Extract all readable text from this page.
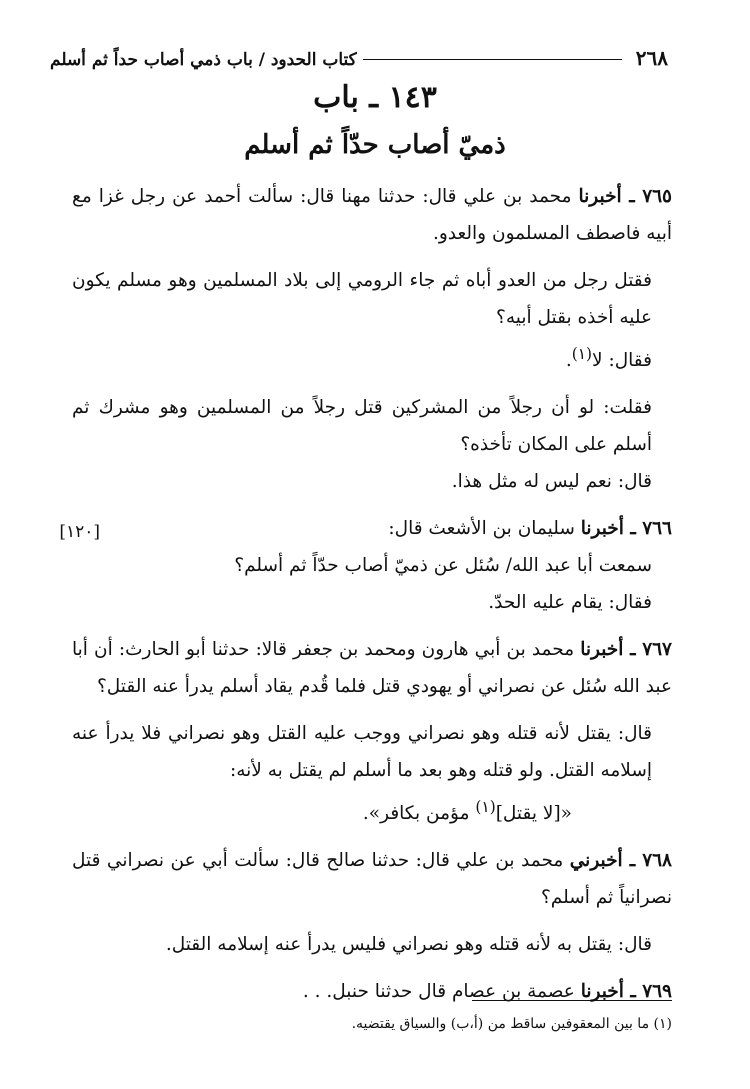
٢٦٨
كتاب الحدود / باب ذمي أصاب حداً ثم أسلم
١٤٣ ـ باب
ذميّ أصاب حدّاً ثم أسلم
[١٢٠]

٧٦٥ ـ أخبرنا محمد بن علي قال: حدثنا مهنا قال: سألت أحمد عن رجل غزا مع أبيه فاصطف المسلمون والعدو.

فقتل رجل من العدو أباه ثم جاء الرومي إلى بلاد المسلمين وهو مسلم يكون عليه أخذه بقتل أبيه؟

فقال: لا$^{(١)}$.

فقلت: لو أن رجلاً من المشركين قتل رجلاً من المسلمين وهو مشرك ثم أسلم على المكان تأخذه؟

قال: نعم ليس له مثل هذا.

٧٦٦ ـ أخبرنا سليمان بن الأشعث قال:

سمعت أبا عبد الله/ سُئل عن ذميّ أصاب حدّاً ثم أسلم؟

فقال: يقام عليه الحدّ.

٧٦٧ ـ أخبرنا محمد بن أبي هارون ومحمد بن جعفر قالا: حدثنا أبو الحارث: أن أبا عبد الله سُئل عن نصراني أو يهودي قتل فلما قُدم يقاد أسلم يدرأ عنه القتل؟

قال: يقتل لأنه قتله وهو نصراني ووجب عليه القتل وهو نصراني فلا يدرأ عنه إسلامه القتل. ولو قتله وهو بعد ما أسلم لم يقتل به لأنه:

«[لا يقتل]$^{(١)}$ مؤمن بكافر».

٧٦٨ ـ أخبرني محمد بن علي قال: حدثنا صالح قال: سألت أبي عن نصراني قتل نصرانياً ثم أسلم؟

قال: يقتل به لأنه قتله وهو نصراني فليس يدرأ عنه إسلامه القتل.

٧٦٩ ـ أخبرنا عصمة بن عصام قال حدثنا حنبل. . .

(١) ما بين المعقوفين ساقط من (أ،ب) والسياق يقتضيه.
